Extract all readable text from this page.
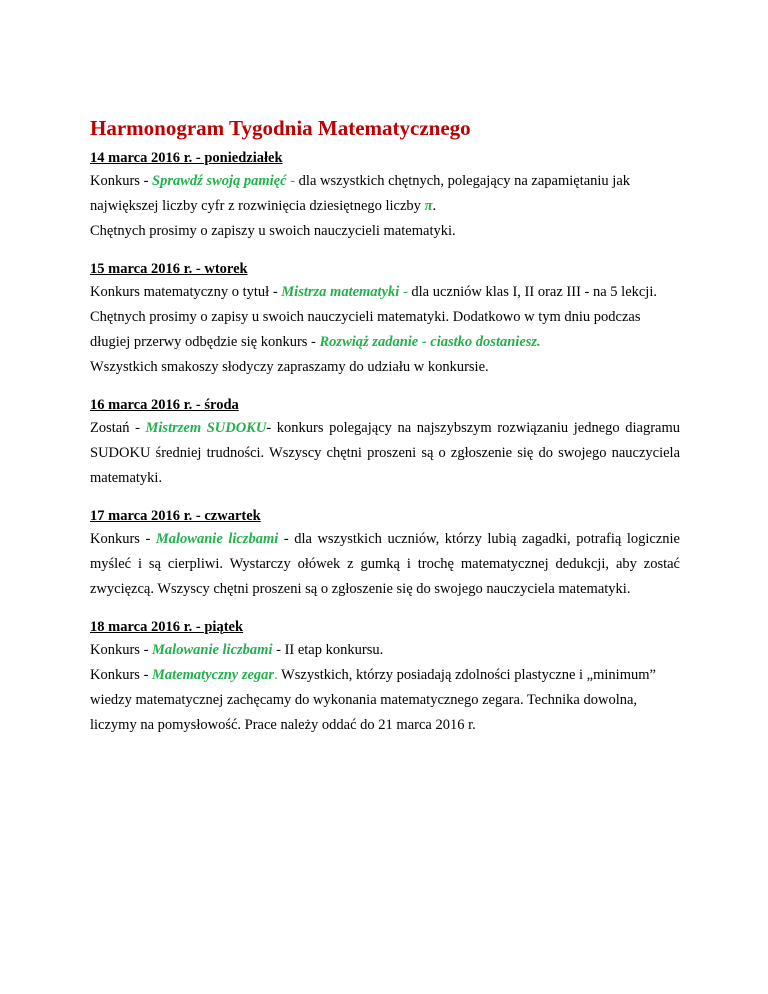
Harmonogram Tygodnia Matematycznego

14 marca 2016 r. - poniedziałek

Konkurs - Sprawdź swoją pamięć - dla wszystkich chętnych, polegający na zapamiętaniu jak największej liczby cyfr z rozwinięcia dziesiętnego liczby π.

Chętnych prosimy o zapiszy u swoich nauczycieli matematyki.

15 marca 2016 r. - wtorek

Konkurs matematyczny o tytuł - Mistrza matematyki - dla uczniów klas I, II oraz III - na 5 lekcji. Chętnych prosimy o zapisy u swoich nauczycieli matematyki. Dodatkowo w tym dniu podczas długiej przerwy odbędzie się konkurs - Rozwiąż zadanie - ciastko dostaniesz.

Wszystkich smakoszy słodyczy zapraszamy do udziału w konkursie.

16 marca 2016 r. - środa

Zostań - Mistrzem SUDOKU- konkurs polegający na najszybszym rozwiązaniu jednego diagramu SUDOKU średniej trudności. Wszyscy chętni proszeni są o zgłoszenie się do swojego nauczyciela matematyki.

17 marca 2016 r. - czwartek

Konkurs - Malowanie liczbami - dla wszystkich uczniów, którzy lubią zagadki, potrafią logicznie myśleć i są cierpliwi. Wystarczy ołówek z gumką i trochę matematycznej dedukcji, aby zostać zwycięzcą. Wszyscy chętni proszeni są o zgłoszenie się do swojego nauczyciela matematyki.

18 marca 2016 r. - piątek

Konkurs - Malowanie liczbami - II etap konkursu.

Konkurs - Matematyczny zegar. Wszystkich, którzy posiadają zdolności plastyczne i „minimum” wiedzy matematycznej zachęcamy do wykonania matematycznego zegara. Technika dowolna, liczymy na pomysłowość. Prace należy oddać do 21 marca 2016 r.
